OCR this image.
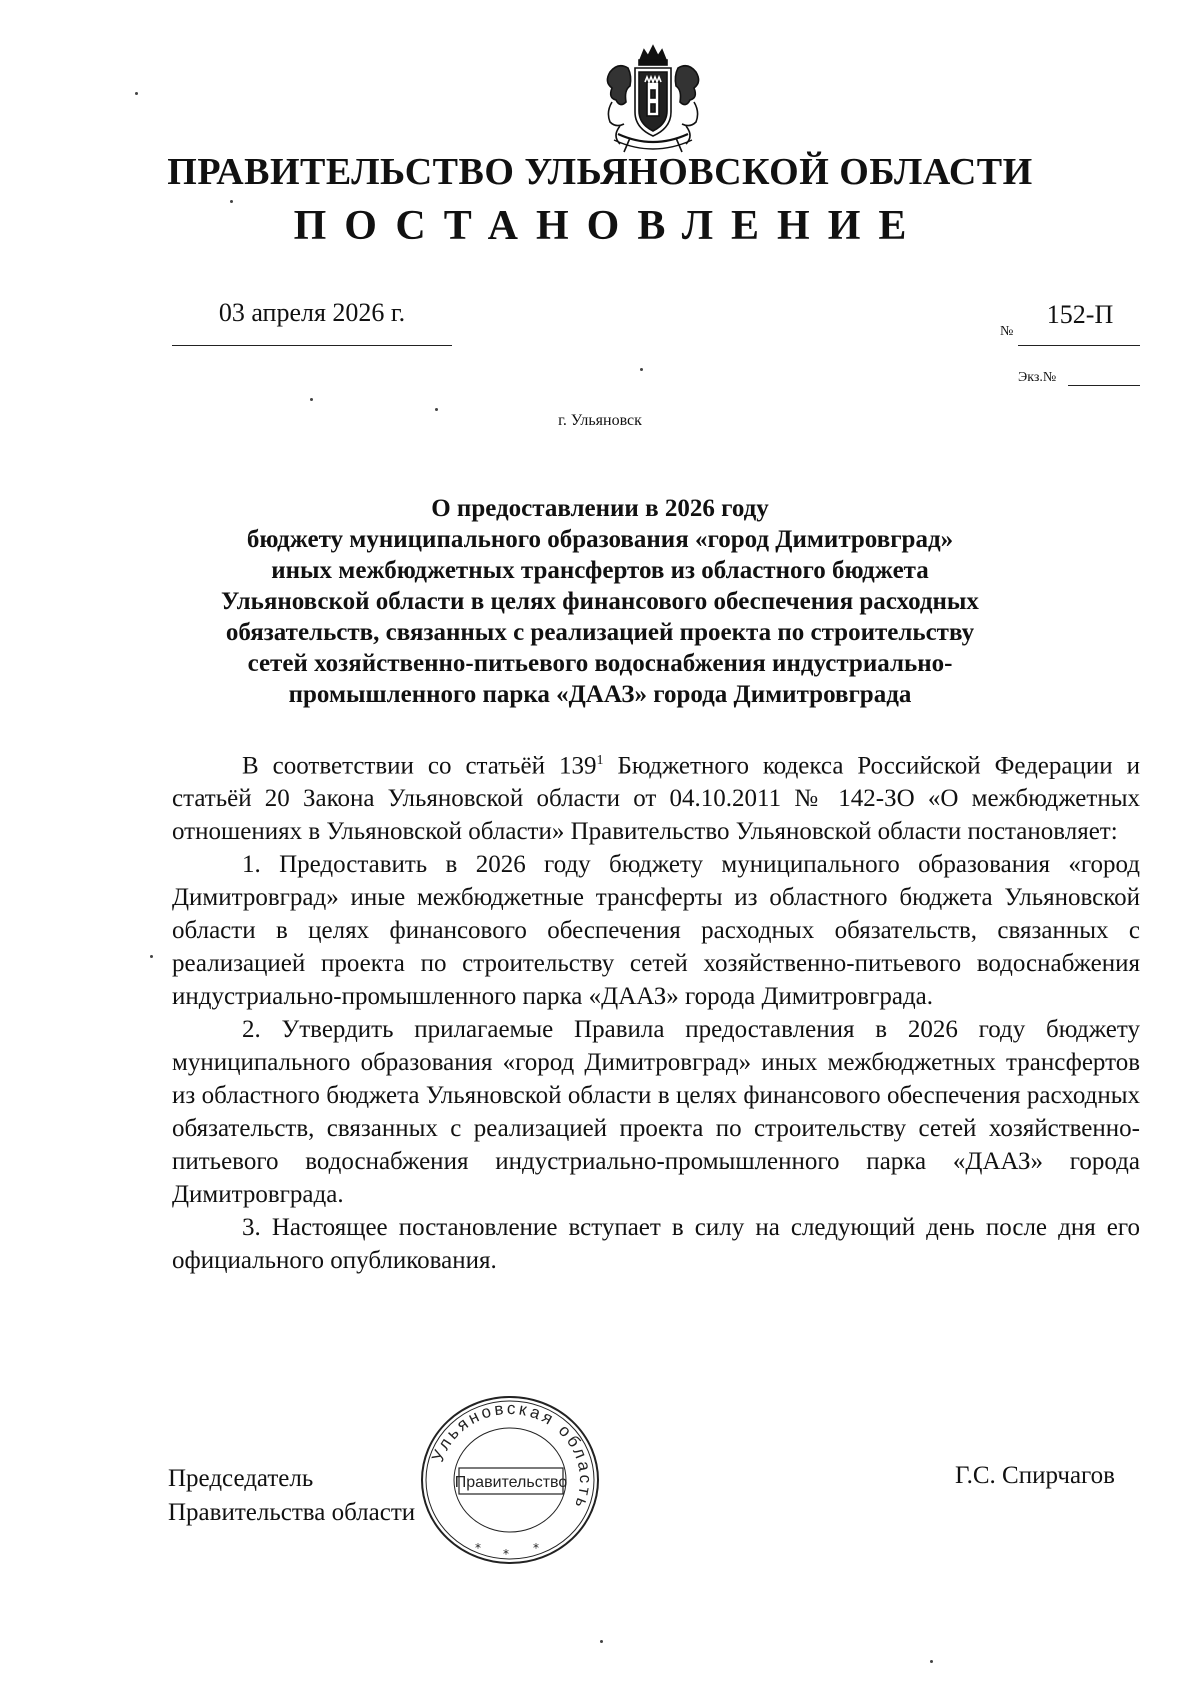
ПРАВИТЕЛЬСТВО УЛЬЯНОВСКОЙ ОБЛАСТИ
ПОСТАНОВЛЕНИЕ
03 апреля 2026 г.
№
152-П
Экз.№
г. Ульяновск
О предоставлении в 2026 году
бюджету муниципального образования «город Димитровград»
иных межбюджетных трансфертов из областного бюджета
Ульяновской области в целях финансового обеспечения расходных
обязательств, связанных с реализацией проекта по строительству
сетей хозяйственно-питьевого водоснабжения индустриально-
промышленного парка «ДААЗ» города Димитровграда

В соответствии со статьёй $139^1$ Бюджетного кодекса Российской Федерации и статьёй 20 Закона Ульяновской области от 04.10.2011 № 142-ЗО «О межбюджетных отношениях в Ульяновской области» Правительство Ульяновской области постановляет:

1. Предоставить в 2026 году бюджету муниципального образования «город Димитровград» иные межбюджетные трансферты из областного бюджета Ульяновской области в целях финансового обеспечения расходных обязательств, связанных с реализацией проекта по строительству сетей хозяйственно-питьевого водоснабжения индустриально-промышленного парка «ДААЗ» города Димитровграда.

2. Утвердить прилагаемые Правила предоставления в 2026 году бюджету муниципального образования «город Димитровград» иных межбюджетных трансфертов из областного бюджета Ульяновской области в целях финансового обеспечения расходных обязательств, связанных с реализацией проекта по строительству сетей хозяйственно-питьевого водоснабжения индустриально-промышленного парка «ДААЗ» города Димитровграда.

3. Настоящее постановление вступает в силу на следующий день после дня его официального опубликования.

Председатель
Правительства области
Г.С. Спирчагов
Ульяновская область
Правительство
* * *
